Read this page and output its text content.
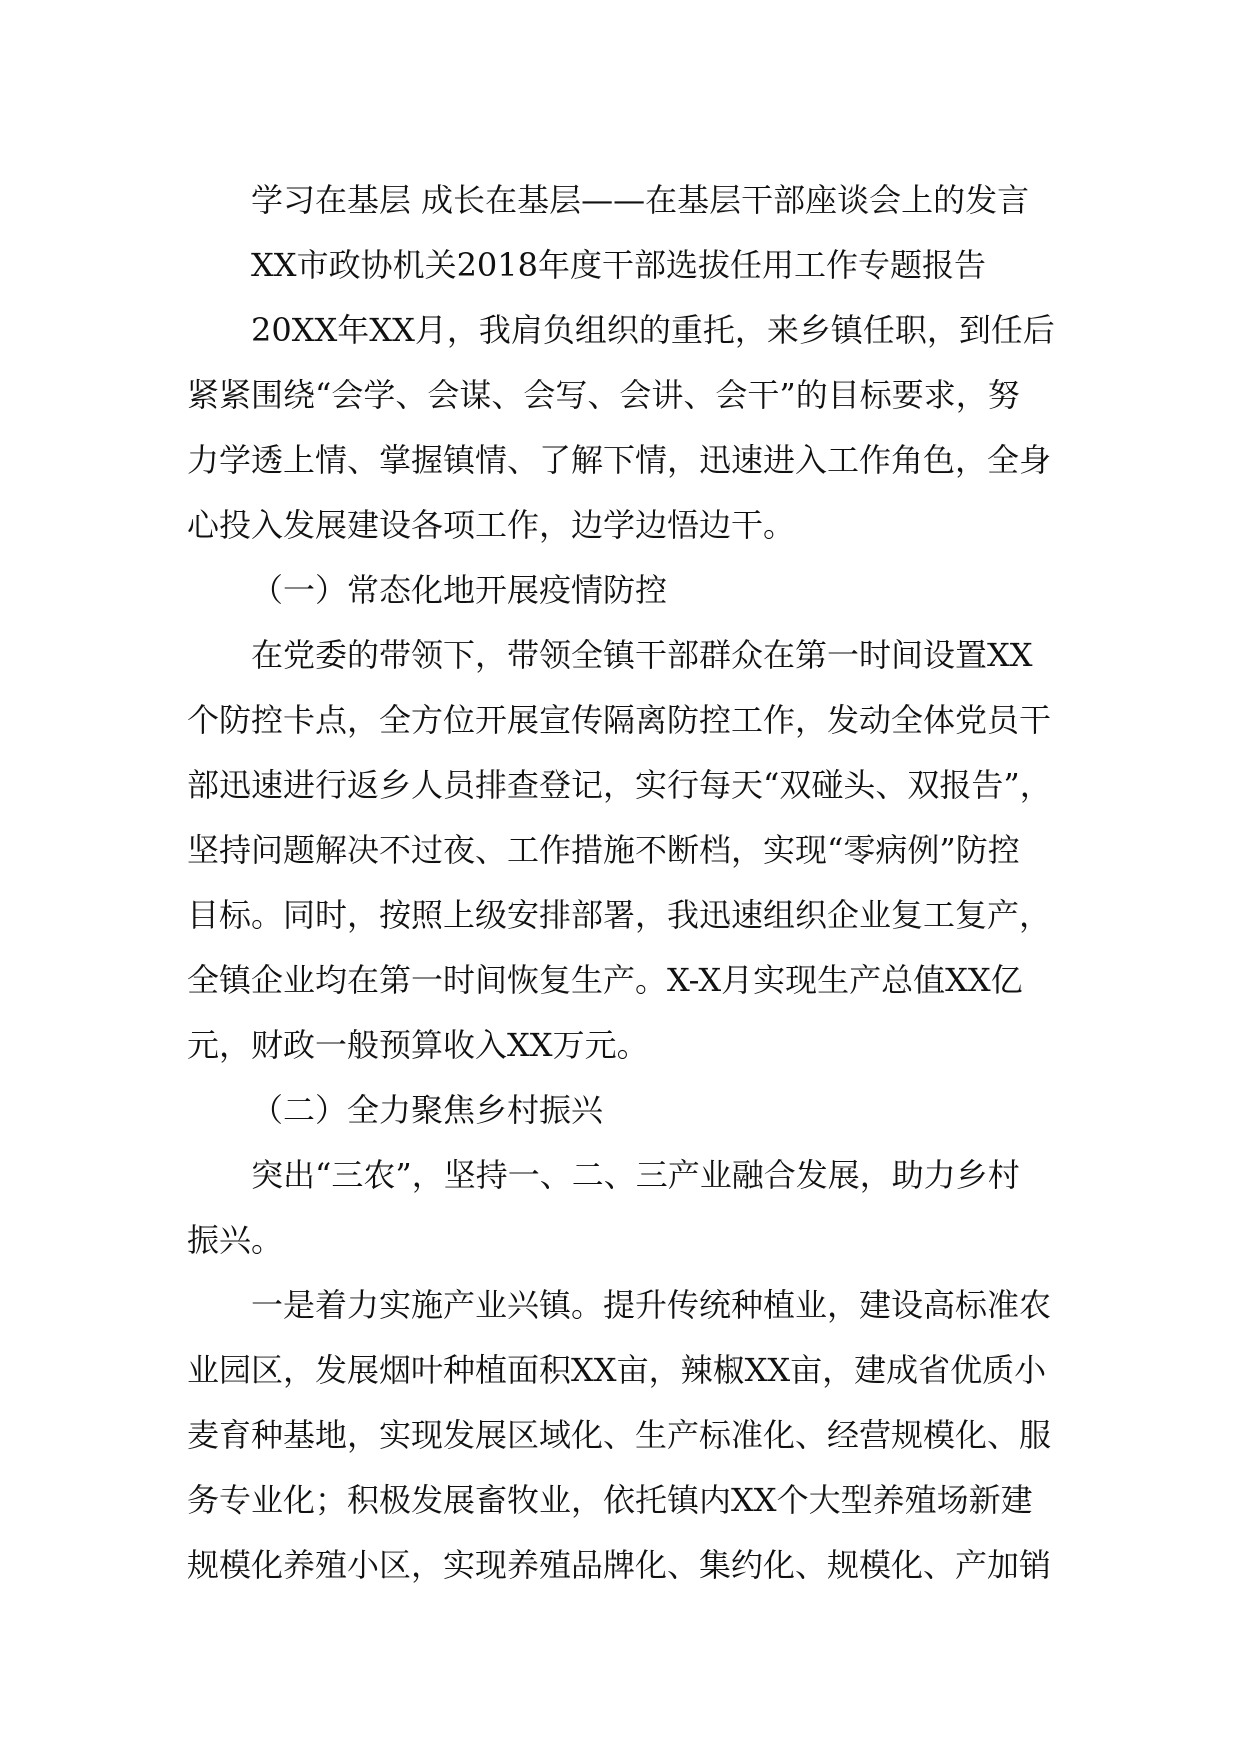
学习在基层 成长在基层——在基层干部座谈会上的发言
XX市政协机关2018年度干部选拔任用工作专题报告
20XX年XX月，我肩负组织的重托，来乡镇任职，到任后
紧紧围绕“会学、会谋、会写、会讲、会干”的目标要求，努
力学透上情、掌握镇情、了解下情，迅速进入工作角色，全身
心投入发展建设各项工作，边学边悟边干。
（一）常态化地开展疫情防控
在党委的带领下，带领全镇干部群众在第一时间设置XX
个防控卡点，全方位开展宣传隔离防控工作，发动全体党员干
部迅速进行返乡人员排查登记，实行每天“双碰头、双报告”，
坚持问题解决不过夜、工作措施不断档，实现“零病例”防控
目标。同时，按照上级安排部署，我迅速组织企业复工复产，
全镇企业均在第一时间恢复生产。X-X月实现生产总值XX亿
元，财政一般预算收入XX万元。
（二）全力聚焦乡村振兴
突出“三农”，坚持一、二、三产业融合发展，助力乡村
振兴。
一是着力实施产业兴镇。提升传统种植业，建设高标准农
业园区，发展烟叶种植面积XX亩，辣椒XX亩，建成省优质小
麦育种基地，实现发展区域化、生产标准化、经营规模化、服
务专业化；积极发展畜牧业，依托镇内XX个大型养殖场新建
规模化养殖小区，实现养殖品牌化、集约化、规模化、产加销
